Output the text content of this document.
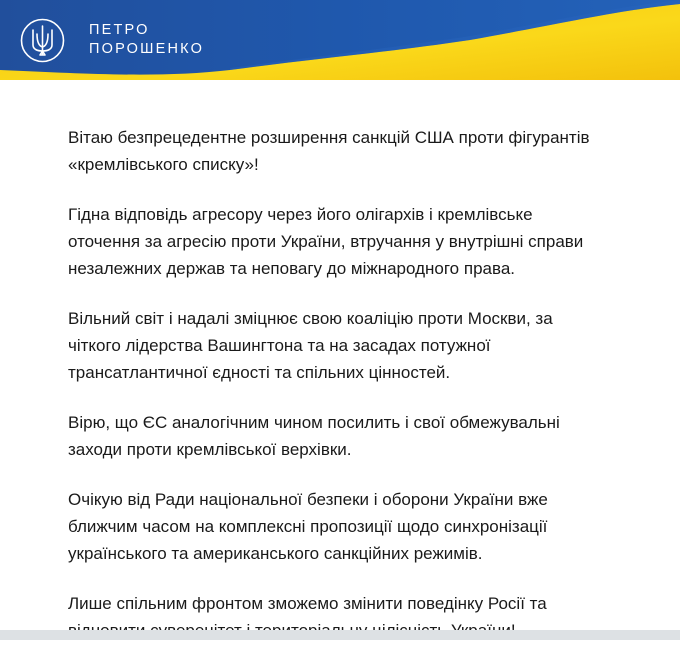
ПЕТРО
ПОРОШЕНКО

Вітаю безпрецедентне розширення санкцій США проти фігурантів
«кремлівського списку»!

Гідна відповідь агресору через його олігархів і кремлівське
оточення за агресію проти України, втручання у внутрішні справи
незалежних держав та неповагу до міжнародного права.

Вільний світ і надалі зміцнює свою коаліцію проти Москви, за
чіткого лідерства Вашингтона та на засадах потужної
трансатлантичної єдності та спільних цінностей.

Вірю, що ЄС аналогічним чином посилить і свої обмежувальні
заходи проти кремлівської верхівки.

Очікую від Ради національної безпеки і оборони України вже
ближчим часом на комплексні пропозиції щодо синхронізації
українського та американського санкційних режимів.

Лише спільним фронтом зможемо змінити поведінку Росії та
